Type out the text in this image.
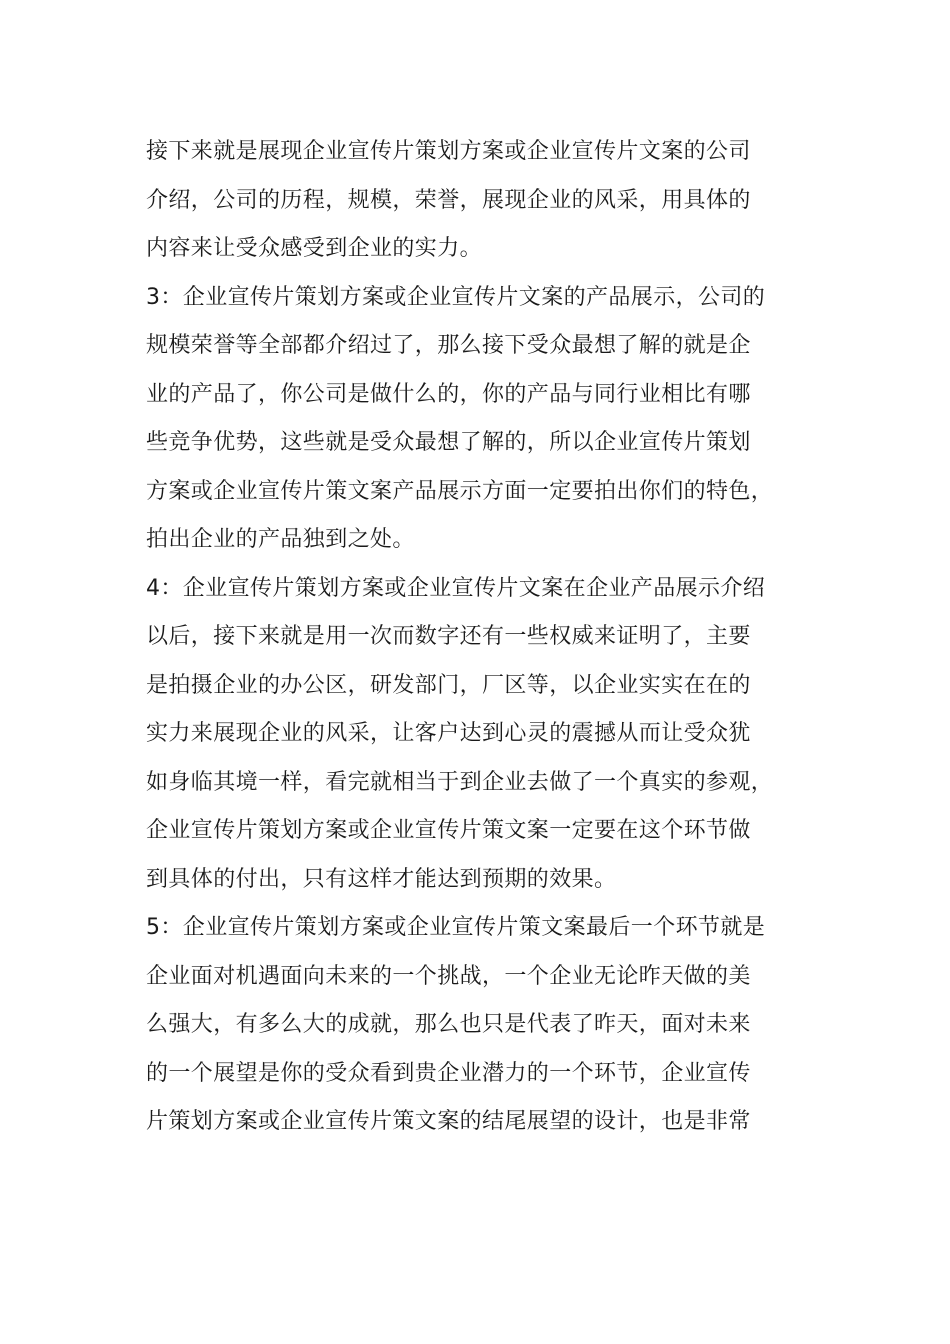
接下来就是展现企业宣传片策划方案或企业宣传片文案的公司
介绍，公司的历程，规模，荣誉，展现企业的风采，用具体的
内容来让受众感受到企业的实力。
3：企业宣传片策划方案或企业宣传片文案的产品展示，公司的
规模荣誉等全部都介绍过了，那么接下受众最想了解的就是企
业的产品了，你公司是做什么的，你的产品与同行业相比有哪
些竞争优势，这些就是受众最想了解的，所以企业宣传片策划
方案或企业宣传片策文案产品展示方面一定要拍出你们的特色，
拍出企业的产品独到之处。
4：企业宣传片策划方案或企业宣传片文案在企业产品展示介绍
以后，接下来就是用一次而数字还有一些权威来证明了，主要
是拍摄企业的办公区，研发部门，厂区等，以企业实实在在的
实力来展现企业的风采，让客户达到心灵的震撼从而让受众犹
如身临其境一样，看完就相当于到企业去做了一个真实的参观，
企业宣传片策划方案或企业宣传片策文案一定要在这个环节做
到具体的付出，只有这样才能达到预期的效果。
5：企业宣传片策划方案或企业宣传片策文案最后一个环节就是
企业面对机遇面向未来的一个挑战，一个企业无论昨天做的美
么强大，有多么大的成就，那么也只是代表了昨天，面对未来
的一个展望是你的受众看到贵企业潜力的一个环节，企业宣传
片策划方案或企业宣传片策文案的结尾展望的设计，也是非常
